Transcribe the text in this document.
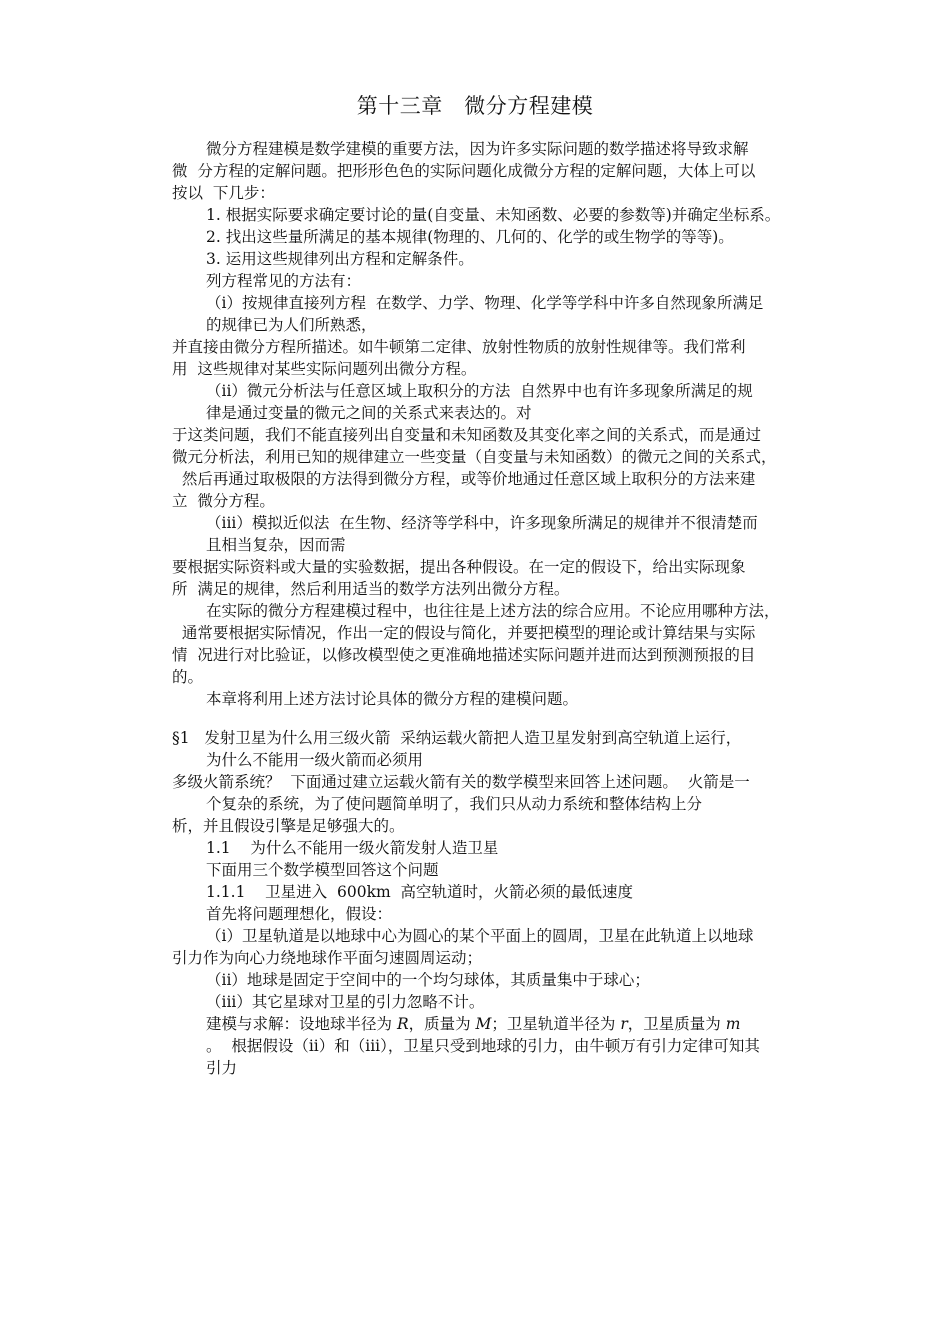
第十三章　微分方程建模
微分方程建模是数学建模的重要方法，因为许多实际问题的数学描述将导致求解
微  分方程的定解问题。把形形色色的实际问题化成微分方程的定解问题，大体上可以
按以  下几步：
1. 根据实际要求确定要讨论的量(自变量、未知函数、必要的参数等)并确定坐标系。
2. 找出这些量所满足的基本规律(物理的、几何的、化学的或生物学的等等)。
3. 运用这些规律列出方程和定解条件。
列方程常见的方法有：
（i）按规律直接列方程  在数学、力学、物理、化学等学科中许多自然现象所满足
的规律已为人们所熟悉，
并直接由微分方程所描述。如牛顿第二定律、放射性物质的放射性规律等。我们常利
用  这些规律对某些实际问题列出微分方程。
（ii）微元分析法与任意区域上取积分的方法  自然界中也有许多现象所满足的规
律是通过变量的微元之间的关系式来表达的。对
于这类问题，我们不能直接列出自变量和未知函数及其变化率之间的关系式，而是通过
微元分析法，利用已知的规律建立一些变量（自变量与未知函数）的微元之间的关系式，
然后再通过取极限的方法得到微分方程，或等价地通过任意区域上取积分的方法来建
立  微分方程。
（iii）模拟近似法  在生物、经济等学科中，许多现象所满足的规律并不很清楚而
且相当复杂，因而需
要根据实际资料或大量的实验数据，提出各种假设。在一定的假设下，给出实际现象
所  满足的规律，然后利用适当的数学方法列出微分方程。
在实际的微分方程建模过程中，也往往是上述方法的综合应用。不论应用哪种方法，
通常要根据实际情况，作出一定的假设与简化，并要把模型的理论或计算结果与实际
情  况进行对比验证，以修改模型使之更准确地描述实际问题并进而达到预测预报的目
的。
本章将利用上述方法讨论具体的微分方程的建模问题。
§1   发射卫星为什么用三级火箭  采纳运载火箭把人造卫星发射到高空轨道上运行，
为什么不能用一级火箭而必须用
多级火箭系统？  下面通过建立运载火箭有关的数学模型来回答上述问题。  火箭是一
个复杂的系统，为了使问题简单明了，我们只从动力系统和整体结构上分
析，并且假设引擎是足够强大的。
1.1    为什么不能用一级火箭发射人造卫星
下面用三个数学模型回答这个问题
1.1.1    卫星进入  600km  高空轨道时，火箭必须的最低速度
首先将问题理想化，假设：
（i）卫星轨道是以地球中心为圆心的某个平面上的圆周，卫星在此轨道上以地球
引力作为向心力绕地球作平面匀速圆周运动；
（ii）地球是固定于空间中的一个均匀球体，其质量集中于球心；
（iii）其它星球对卫星的引力忽略不计。
建模与求解：设地球半径为 R，质量为 M；卫星轨道半径为 r，卫星质量为 m
。  根据假设（ii）和（iii），卫星只受到地球的引力，由牛顿万有引力定律可知其
引力
